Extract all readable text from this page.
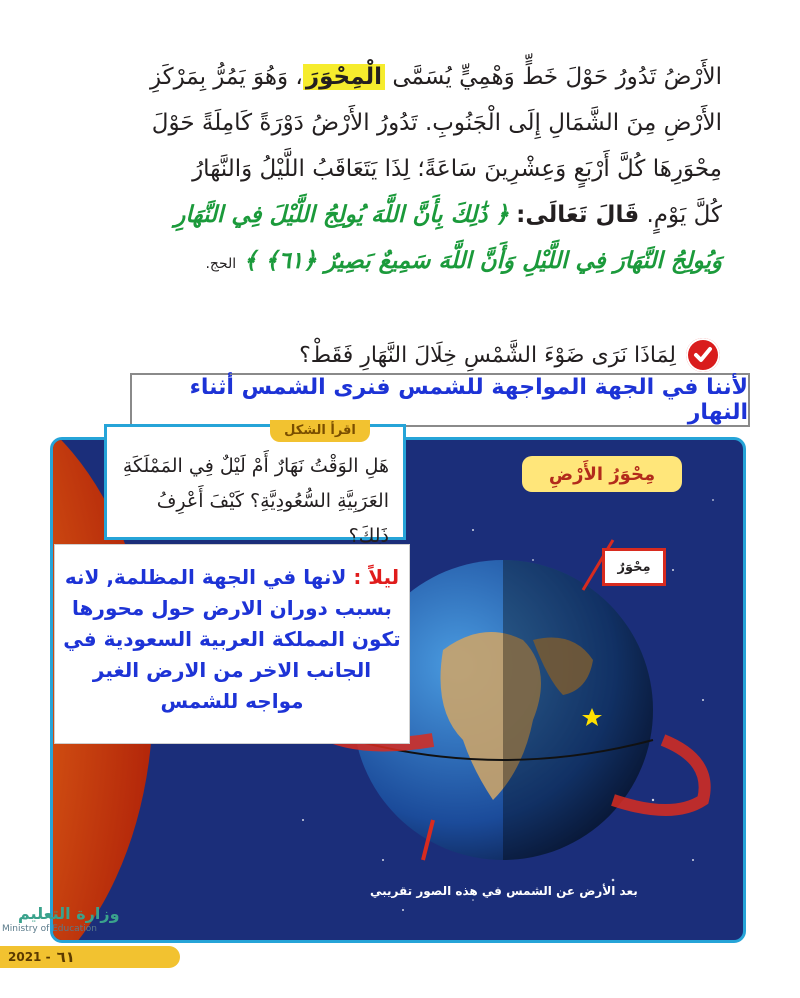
الأَرْضُ تَدُورُ حَوْلَ خَطٍّ وَهْمِيٍّ يُسَمَّى الْمِحْوَرَ، وَهُوَ يَمُرُّ بِمَرْكَزِ
الأَرْضِ مِنَ الشَّمَالِ إِلَى الْجَنُوبِ. تَدُورُ الأَرْضُ دَوْرَةً كَامِلَةً حَوْلَ
مِحْوَرِهَا كُلَّ أَرْبَعٍ وَعِشْرِينَ سَاعَةً؛ لِذَا يَتَعَاقَبُ اللَّيْلُ وَالنَّهَارُ
كُلَّ يَوْمٍ. قَالَ تَعَالَى: ﴿ ذَٰلِكَ بِأَنَّ اللَّهَ يُولِجُ اللَّيْلَ فِي النَّهَارِ
وَيُولِجُ النَّهَارَ فِي اللَّيْلِ وَأَنَّ اللَّهَ سَمِيعٌ بَصِيرٌ ﴿٦١﴾ ﴾ الحج.
لِمَاذَا نَرَى ضَوْءَ الشَّمْسِ خِلَالَ النَّهَارِ فَقَطْ؟
لأننا في الجهة المواجهة للشمس فنرى الشمس أثناء النهار
مِحْوَرُ الأَرْضِ
مِحْوَرٌ
بعد الأرض عن الشمس في هذه الصور تقريبي
هَلِ الوَقْتُ نَهَارٌ أَمْ لَيْلٌ فِي المَمْلَكَةِ
العَرَبِيَّةِ السُّعُودِيَّةِ؟ كَيْفَ أَعْرِفُ ذَلِكَ؟
اقرأ الشكل
ليلاً : لانها في الجهة المظلمة, لانه
بسبب دوران الارض حول محورها
تكون المملكة العربية السعودية في
الجانب الاخر من الارض الغير
مواجه للشمس
وزارة التعليم
Ministry of Education
2021 - ٦١
